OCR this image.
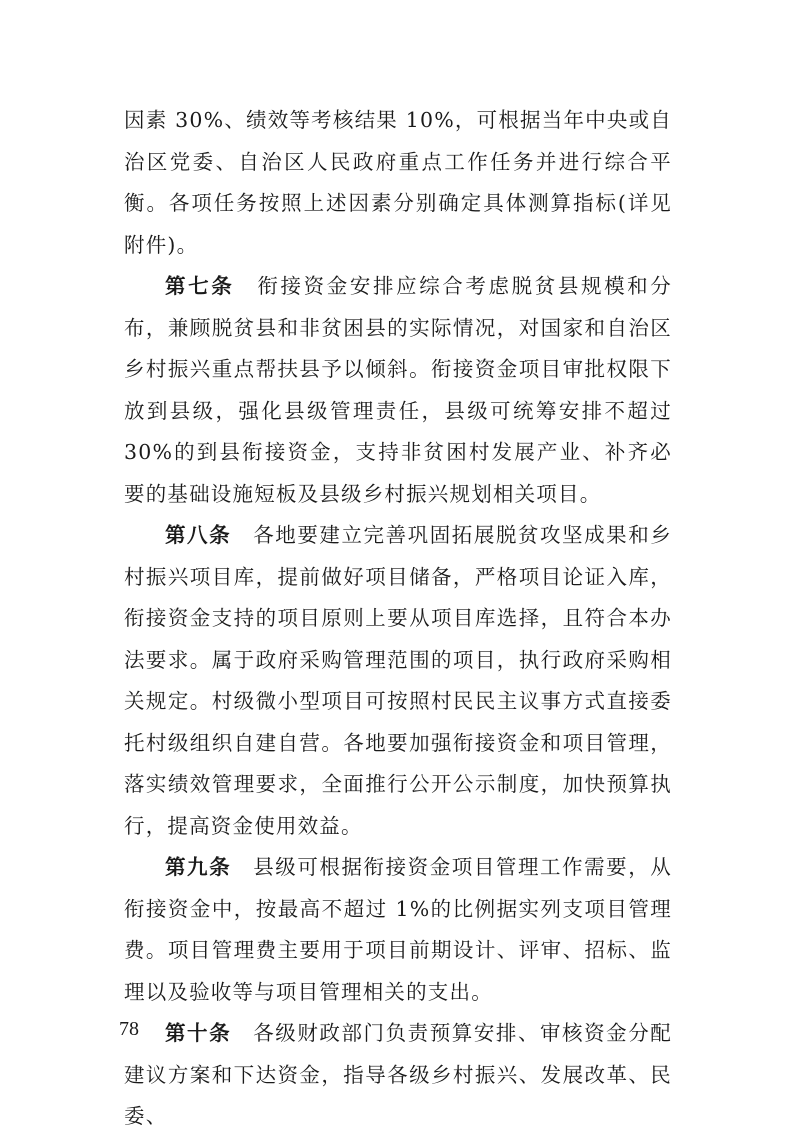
因素 30%、绩效等考核结果 10%，可根据当年中央或自治区党委、自治区人民政府重点工作任务并进行综合平衡。各项任务按照上述因素分别确定具体测算指标(详见附件)。

第七条  衔接资金安排应综合考虑脱贫县规模和分布，兼顾脱贫县和非贫困县的实际情况，对国家和自治区乡村振兴重点帮扶县予以倾斜。衔接资金项目审批权限下放到县级，强化县级管理责任，县级可统筹安排不超过 30%的到县衔接资金，支持非贫困村发展产业、补齐必要的基础设施短板及县级乡村振兴规划相关项目。

第八条  各地要建立完善巩固拓展脱贫攻坚成果和乡村振兴项目库，提前做好项目储备，严格项目论证入库，衔接资金支持的项目原则上要从项目库选择，且符合本办法要求。属于政府采购管理范围的项目，执行政府采购相关规定。村级微小型项目可按照村民民主议事方式直接委托村级组织自建自营。各地要加强衔接资金和项目管理，落实绩效管理要求，全面推行公开公示制度，加快预算执行，提高资金使用效益。

第九条  县级可根据衔接资金项目管理工作需要，从衔接资金中，按最高不超过 1%的比例据实列支项目管理费。项目管理费主要用于项目前期设计、评审、招标、监理以及验收等与项目管理相关的支出。

第十条  各级财政部门负责预算安排、审核资金分配建议方案和下达资金，指导各级乡村振兴、发展改革、民委、

78
